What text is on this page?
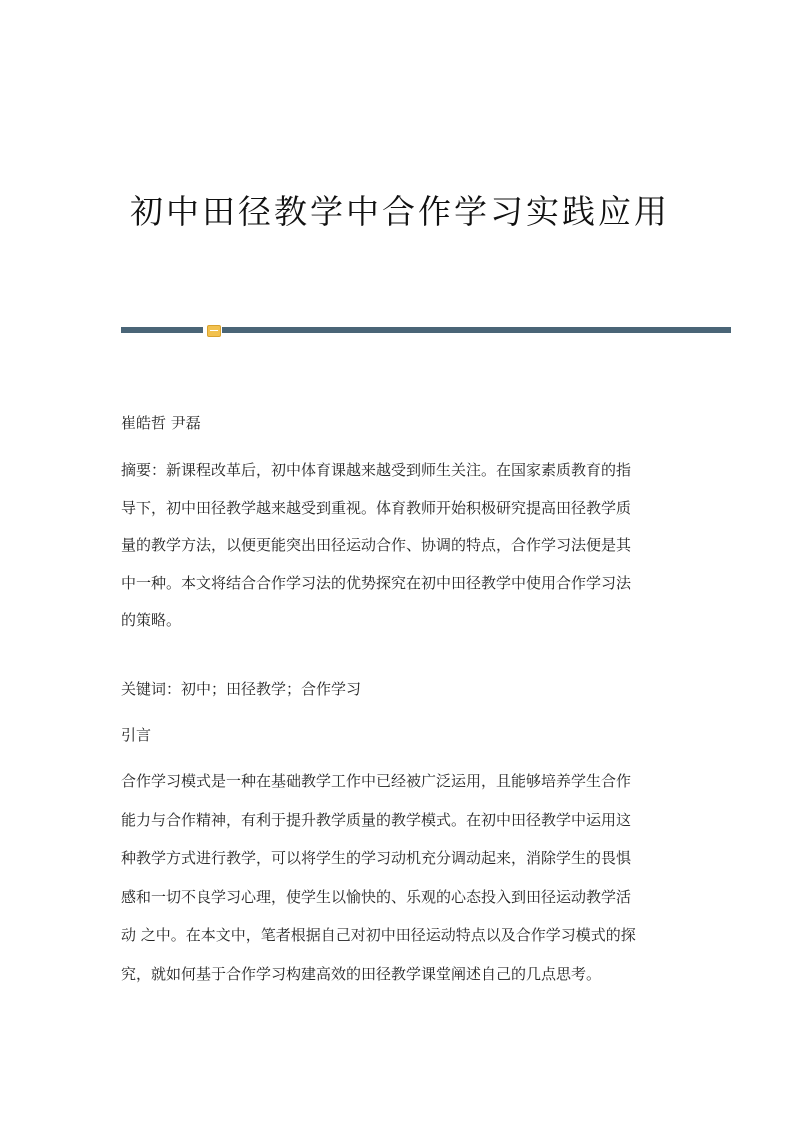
初中田径教学中合作学习实践应用
崔皓哲 尹磊
摘要：新课程改革后，初中体育课越来越受到师生关注。在国家素质教育的指
导下，初中田径教学越来越受到重视。体育教师开始积极研究提高田径教学质
量的教学方法，以便更能突出田径运动合作、协调的特点，合作学习法便是其
中一种。本文将结合合作学习法的优势探究在初中田径教学中使用合作学习法
的策略。
关键词：初中；田径教学；合作学习
引言
合作学习模式是一种在基础教学工作中已经被广泛运用，且能够培养学生合作
能力与合作精神，有利于提升教学质量的教学模式。在初中田径教学中运用这
种教学方式进行教学，可以将学生的学习动机充分调动起来，消除学生的畏惧
感和一切不良学习心理，使学生以愉快的、乐观的心态投入到田径运动教学活
动 之中。在本文中，笔者根据自己对初中田径运动特点以及合作学习模式的探
究，就如何基于合作学习构建高效的田径教学课堂阐述自己的几点思考。
